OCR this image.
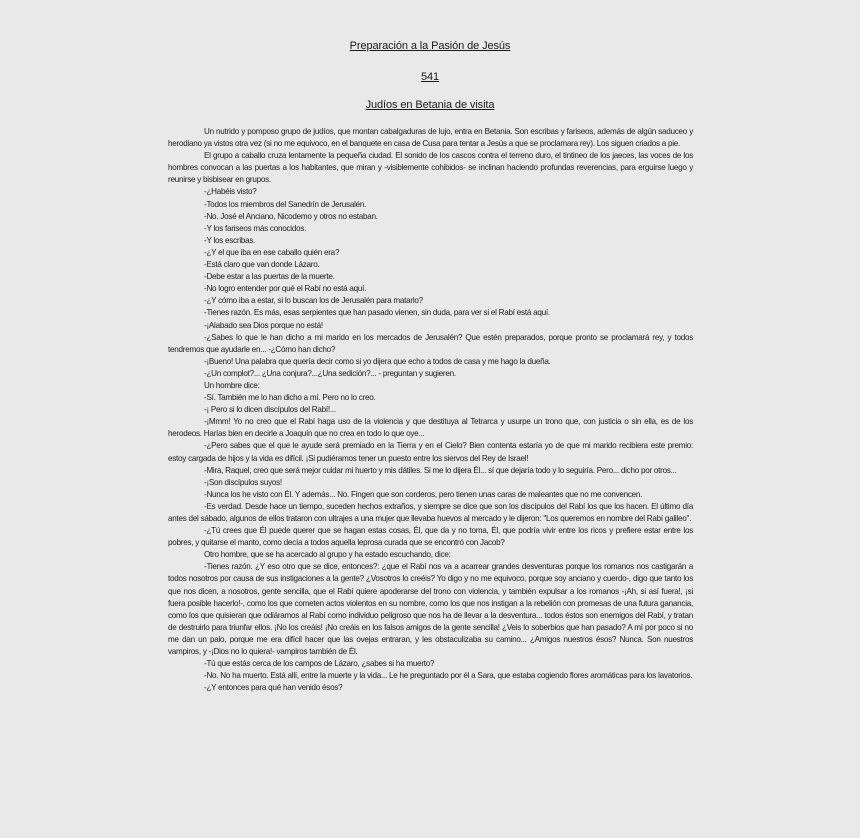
Preparación a la Pasión de Jesús
541
Judíos en Betania de visita

Un nutrido y pomposo grupo de judíos, que montan cabalgaduras de lujo, entra en Betania. Son escribas y fariseos, además de algún saduceo y herodiano ya vistos otra vez (si no me equivoco, en el banquete en casa de Cusa para tentar a Jesús a que se proclamara rey). Los siguen criados a pie.

El grupo a caballo cruza lentamente la pequeña ciudad. El sonido de los cascos contra el terreno duro, el tintineo de los jaeces, las voces de los hombres convocan a las puertas a los habitantes, que miran y -visiblemente cohibidos- se inclinan haciendo profundas reverencias, para erguirse luego y reunirse y bisbisear en grupos.

-¿Habéis visto?

-Todos los miembros del Sanedrín de Jerusalén.

-No. José el Anciano, Nicodemo y otros no estaban.

-Y los fariseos más conocidos.

-Y los escribas.

-¿Y el que iba en ese caballo quién era?

-Está claro que van donde Lázaro.

-Debe estar a las puertas de la muerte.

-No logro entender por qué el Rabí no está aquí.

-¿Y cómo iba a estar, si lo buscan los de Jerusalén para matarlo?

-Tienes razón. Es más, esas serpientes que han pasado vienen, sin duda, para ver si el Rabí está aquí.

-¡Alabado sea Dios porque no está!

-¿Sabes lo que le han dicho a mi marido en los mercados de Jerusalén? Que estén preparados, porque pronto se proclamará rey, y todos tendremos que ayudarle en... -¿Cómo han dicho?

-¡Bueno! Una palabra que quería decir como si yo dijera que echo a todos de casa y me hago la dueña.

-¿Un complot?... ¿Una conjura?...¿Una sedición?... - preguntan y sugieren.

Un hombre dice:

-Sí. También me lo han dicho a mí. Pero no lo creo.

-¡ Pero si lo dicen discípulos del Rabí!...

-¡Mmm! Yo no creo que el Rabí haga uso de la violencia y que destituya al Tetrarca y usurpe un trono que, con justicia o sin ella, es de los herodeos. Harías bien en decirle a Joaquín que no crea en todo lo que oye...

-¿Pero sabes que el que le ayude será premiado en la Tierra y en el Cielo? Bien contenta estaría yo de que mi marido recibiera este premio: estoy cargada de hijos y la vida es difícil. ¡Si pudiéramos tener un puesto entre los siervos del Rey de Israel!

-Mira, Raquel, creo que será mejor cuidar mi huerto y mis dátiles. Si me lo dijera Él... sí que dejaría todo y lo seguiría. Pero... dicho por otros...

-¡Son discípulos suyos!

-Nunca los he visto con Él. Y además... No. Fingen que son corderos, pero tienen unas caras de maleantes que no me convencen.

-Es verdad. Desde hace un tiempo, suceden hechos extraños, y siempre se dice que son los discípulos del Rabí los que los hacen. El último día antes del sábado, algunos de ellos trataron con ultrajes a una mujer que llevaba huevos al mercado y le dijeron: "Los queremos en nombre del Rabí galileo".

-¿Tú crees que Él puede querer que se hagan estas cosas, Él, que da y no toma, Él, que podría vivir entre los ricos y prefiere estar entre los pobres, y quitarse el manto, como decía a todos aquella leprosa curada que se encontró con Jacob?

Otro hombre, que se ha acercado al grupo y ha estado escuchando, dice:

-Tienes razón. ¿Y eso otro que se dice, entonces?: ¿que el Rabí nos va a acarrear grandes desventuras porque los romanos nos castigarán a todos nosotros por causa de sus instigaciones a la gente? ¿Vosotros lo creéis? Yo digo y no me equivoco, porque soy anciano y cuerdo-, digo que tanto los que nos dicen, a nosotros, gente sencilla, que el Rabí quiere apoderarse del trono con violencia, y también expulsar a los romanos -¡Ah, si así fuera!, ¡si fuera posible hacerlo!-, como los que cometen actos violentos en su nombre, como los que nos instigan a la rebelión con promesas de una futura ganancia, como los que quisieran que odiáramos al Rabí como individuo peligroso que nos ha de llevar a la desventura... todos éstos son enemigos del Rabí, y tratan de destruirlo para triunfar ellos. ¡No los creáis! ¡No creáis en los falsos amigos de la gente sencilla! ¿Veis lo soberbios que han pasado? A mí por poco si no me dan un palo, porque me era difícil hacer que las ovejas entraran, y les obstaculizaba su camino... ¿Amigos nuestros ésos? Nunca. Son nuestros vampiros, y -¡Dios no lo quiera!- vampiros también de Él.

-Tú que estás cerca de los campos de Lázaro, ¿sabes si ha muerto?

-No. No ha muerto. Está allí, entre la muerte y la vida... Le he preguntado por él a Sara, que estaba cogiendo flores aromáticas para los lavatorios.

-¿Y entonces para qué han venido ésos?
